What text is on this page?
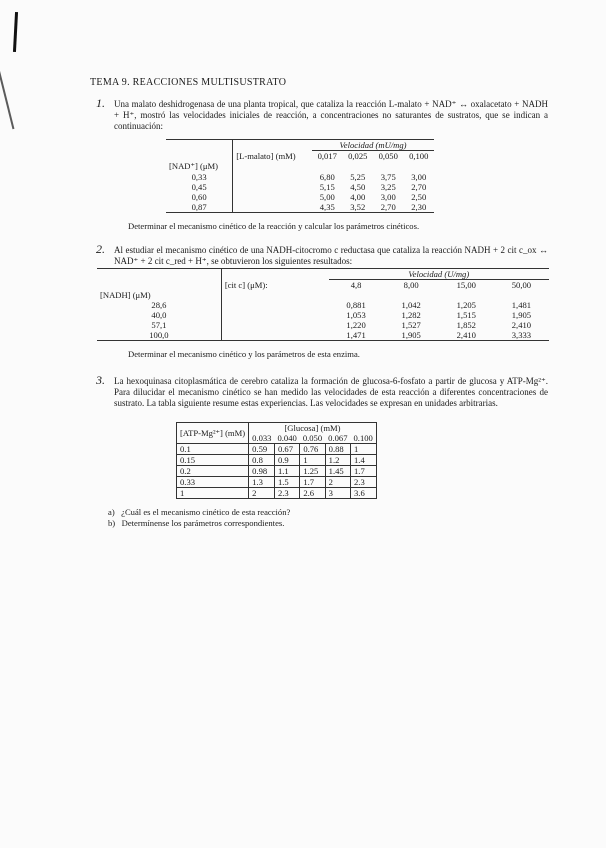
TEMA 9. REACCIONES MULTISUSTRATO
1.	Una malato deshidrogenasa de una planta tropical, que cataliza la reacción L-malato + NAD⁺ ↔ oxalacetato + NADH + H⁺, mostró las velocidades iniciales de reacción, a concentraciones no saturantes de sustratos, que se indican a continuación:
		Velocidad (mU/mg)			
	[L-malato] (mM)	0,017	0,025	0,050	0,100
[NAD⁺] (μM)					
0,33		6,80	5,25	3,75	3,00
0,45		5,15	4,50	3,25	2,70
0,60		5,00	4,00	3,00	2,50
0,87		4,35	3,52	2,70	2,30
Determinar el mecanismo cinético de la reacción y calcular los parámetros cinéticos.
2.	Al estudiar el mecanismo cinético de una NADH-citocromo c reductasa que cataliza la reacción NADH + 2 cit c_ox ↔ NAD⁺ + 2 cit c_red + H⁺, se obtuvieron los siguientes resultados:
		Velocidad (U/mg)			
	[cit c] (μM):	4,8	8,00	15,00	50,00
[NADH] (μM)					
28,6		0,881	1,042	1,205	1,481
40,0		1,053	1,282	1,515	1,905
57,1		1,220	1,527	1,852	2,410
100,0		1,471	1,905	2,410	3,333
Determinar el mecanismo cinético y los parámetros de esta enzima.
3.	La hexoquinasa citoplasmática de cerebro cataliza la formación de glucosa-6-fosfato a partir de glucosa y ATP-Mg²⁺. Para dilucidar el mecanismo cinético se han medido las velocidades de esta reacción a diferentes concentraciones de sustrato. La tabla siguiente resume estas experiencias. Las velocidades se expresan en unidades arbitrarias.
[ATP-Mg²⁺] (mM)	[Glucosa] (mM)				
	0.033	0.040	0.050	0.067	0.100
0.1	0.59	0.67	0.76	0.88	1
0.15	0.8	0.9	1	1.2	1.4
0.2	0.98	1.1	1.25	1.45	1.7
0.33	1.3	1.5	1.7	2	2.3
1	2	2.3	2.6	3	3.6
a) ¿Cuál es el mecanismo cinético de esta reacción?
b) Determínense los parámetros correspondientes.
